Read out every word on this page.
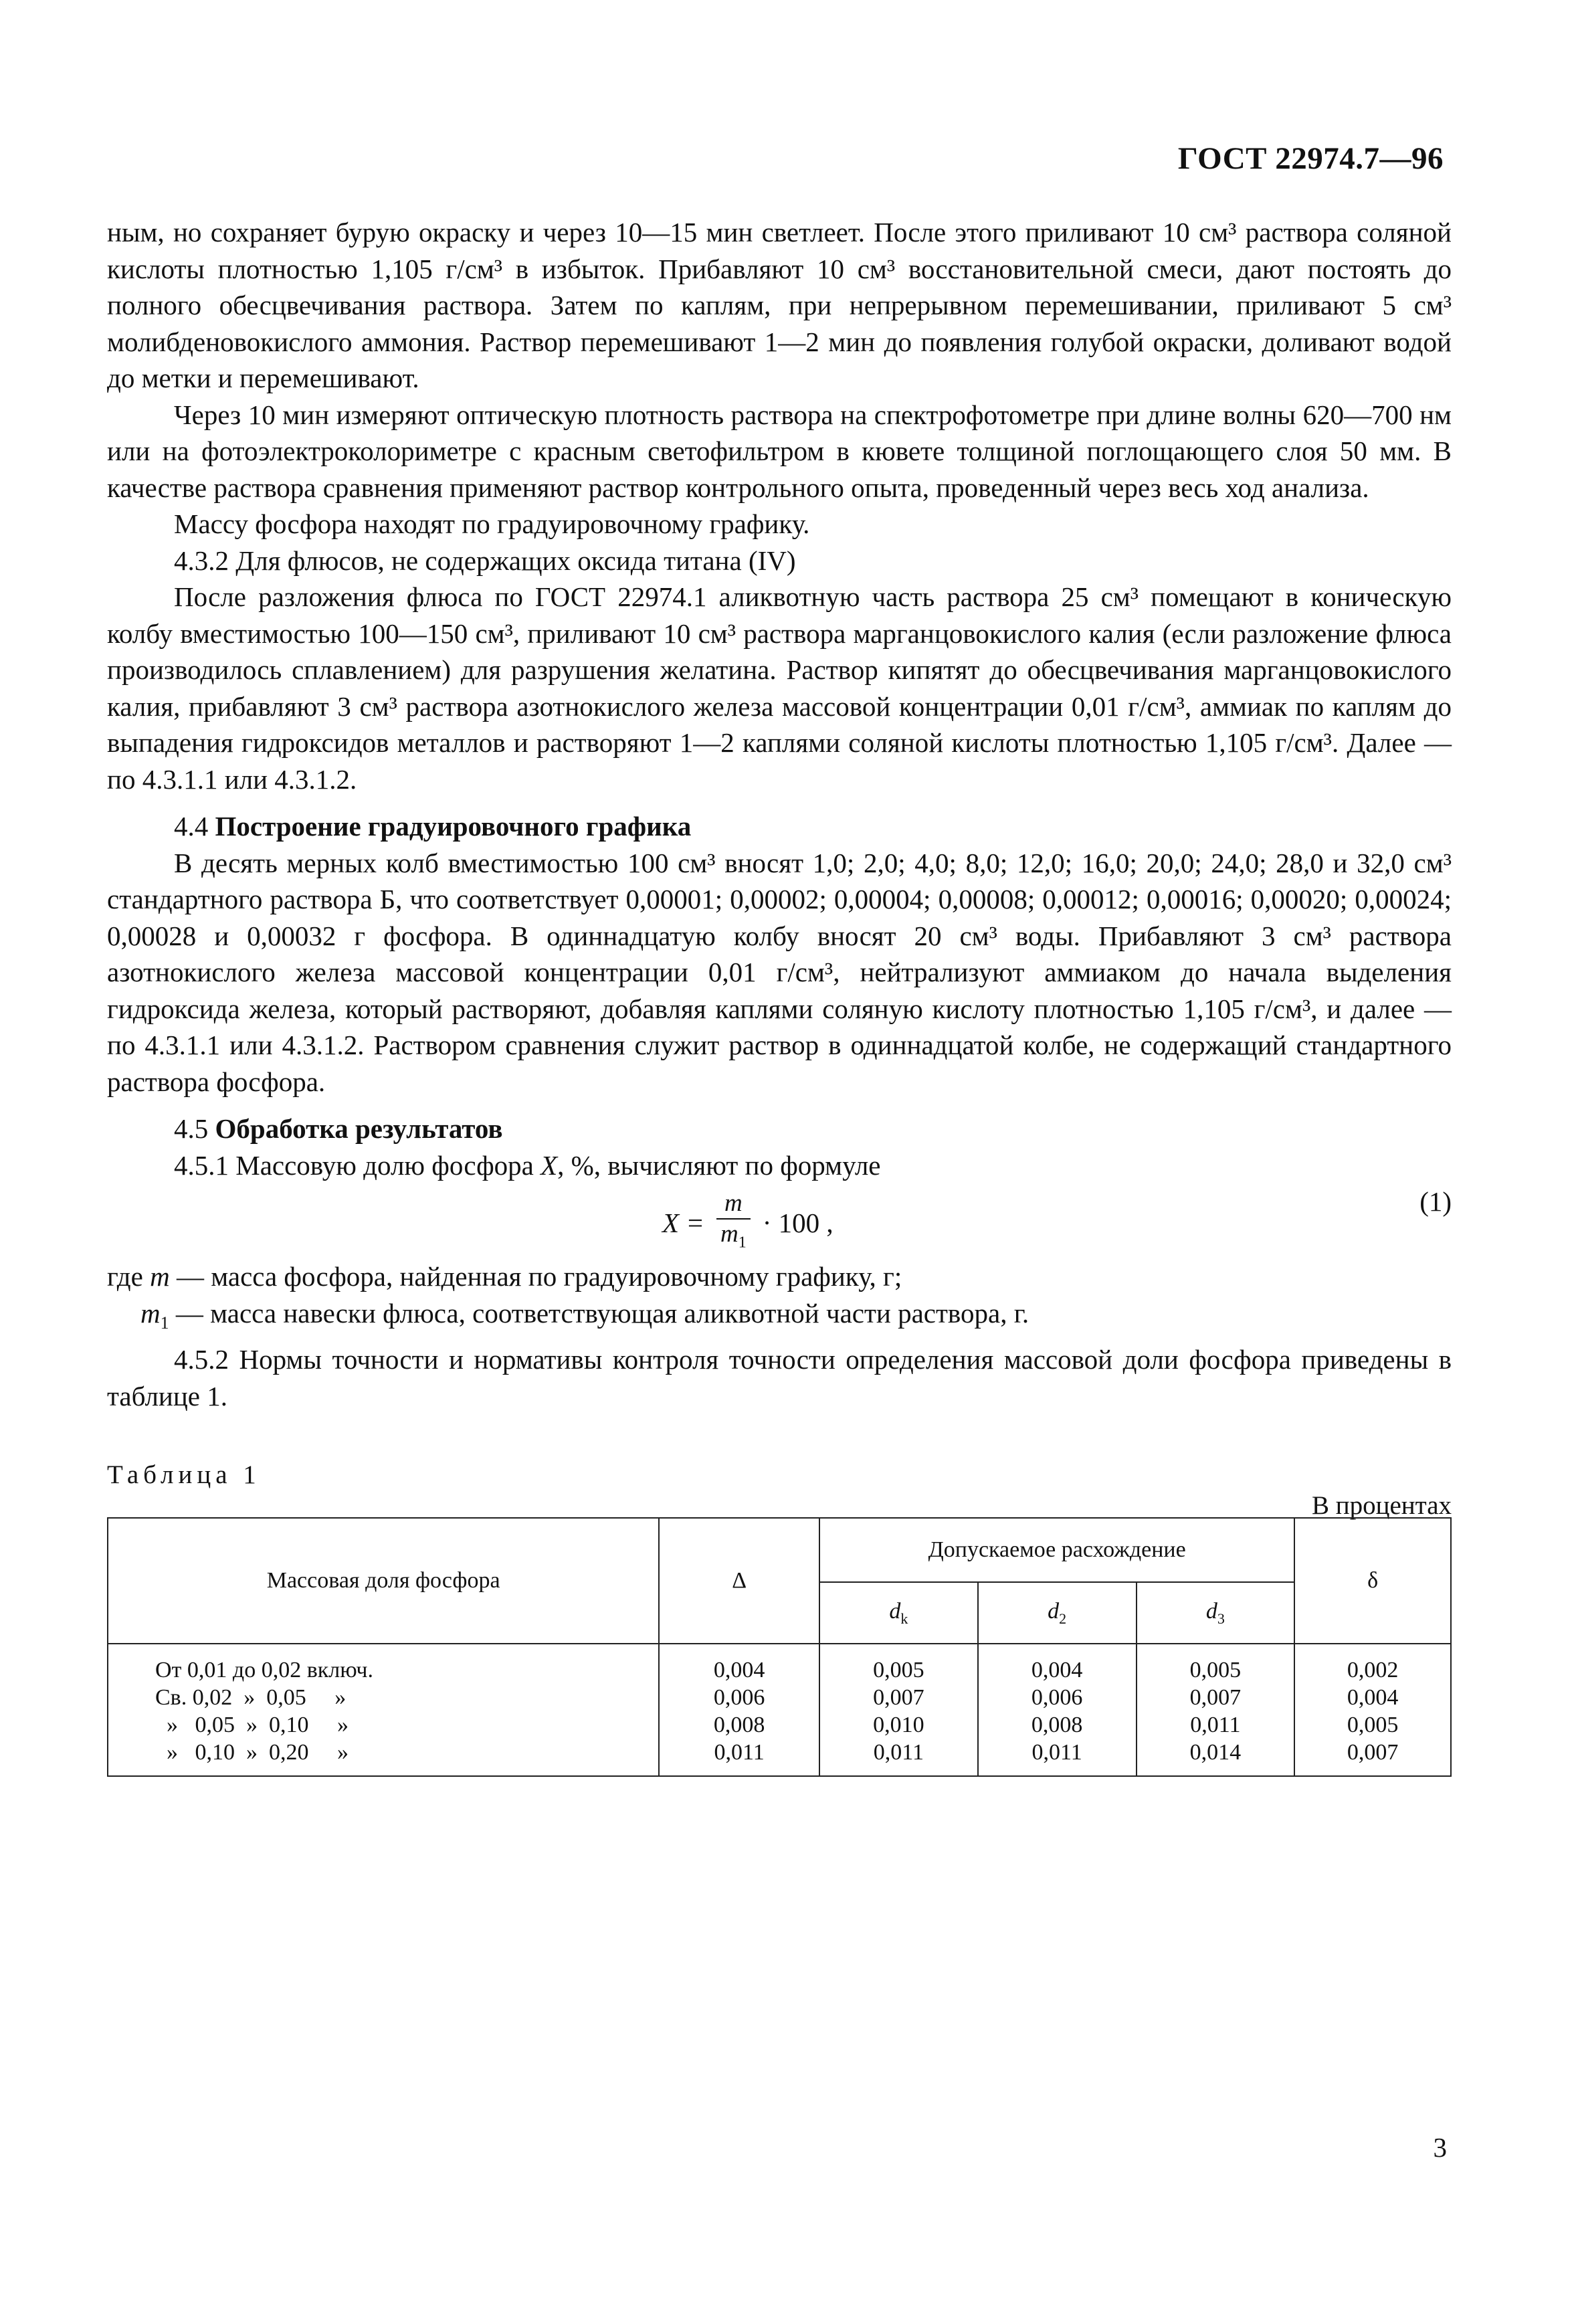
ГОСТ 22974.7—96

ным, но сохраняет бурую окраску и через 10—15 мин светлеет. После этого приливают 10 см³ раствора соляной кислоты плотностью 1,105 г/см³ в избыток. Прибавляют 10 см³ восстановительной смеси, дают постоять до полного обесцвечивания раствора. Затем по каплям, при непрерывном перемешивании, приливают 5 см³ молибденовокислого аммония. Раствор перемешивают 1—2 мин до появления голубой окраски, доливают водой до метки и перемешивают.

Через 10 мин измеряют оптическую плотность раствора на спектрофотометре при длине волны 620—700 нм или на фотоэлектроколориметре с красным светофильтром в кювете толщиной поглощающего слоя 50 мм. В качестве раствора сравнения применяют раствор контрольного опыта, проведенный через весь ход анализа.

Массу фосфора находят по градуировочному графику.

4.3.2 Для флюсов, не содержащих оксида титана (IV)

После разложения флюса по ГОСТ 22974.1 аликвотную часть раствора 25 см³ помещают в коническую колбу вместимостью 100—150 см³, приливают 10 см³ раствора марганцовокислого калия (если разложение флюса производилось сплавлением) для разрушения желатина. Раствор кипятят до обесцвечивания марганцовокислого калия, прибавляют 3 см³ раствора азотнокислого железа массовой концентрации 0,01 г/см³, аммиак по каплям до выпадения гидроксидов металлов и растворяют 1—2 каплями соляной кислоты плотностью 1,105 г/см³. Далее — по 4.3.1.1 или 4.3.1.2.

4.4 Построение градуировочного графика

В десять мерных колб вместимостью 100 см³ вносят 1,0; 2,0; 4,0; 8,0; 12,0; 16,0; 20,0; 24,0; 28,0 и 32,0 см³ стандартного раствора Б, что соответствует 0,00001; 0,00002; 0,00004; 0,00008; 0,00012; 0,00016; 0,00020; 0,00024; 0,00028 и 0,00032 г фосфора. В одиннадцатую колбу вносят 20 см³ воды. Прибавляют 3 см³ раствора азотнокислого железа массовой концентрации 0,01 г/см³, нейтрализуют аммиаком до начала выделения гидроксида железа, который растворяют, добавляя каплями соляную кислоту плотностью 1,105 г/см³, и далее — по 4.3.1.1 или 4.3.1.2. Раствором сравнения служит раствор в одиннадцатой колбе, не содержащий стандартного раствора фосфора.

4.5 Обработка результатов

4.5.1 Массовую долю фосфора X, %, вычисляют по формуле

$X = \frac{m}{m_1} \cdot 100$ ,
(1)

где m — масса фосфора, найденная по градуировочному графику, г;

$m_1$ — масса навески флюса, соответствующая аликвотной части раствора, г.

4.5.2 Нормы точности и нормативы контроля точности определения массовой доли фосфора приведены в таблице 1.

Таблица 1
В процентах
Массовая доля фосфора	Δ	Допускаемое расхождение			δ
		$d_k$	$d_2$	$d_3$
От 0,01 до 0,02 включ.	0,004	0,005	0,004	0,005	0,002
Св. 0,02  »  0,05     »	0,006	0,007	0,006	0,007	0,004
»   0,05  »  0,10     »	0,008	0,010	0,008	0,011	0,005
»   0,10  »  0,20     »	0,011	0,011	0,011	0,014	0,007
3
